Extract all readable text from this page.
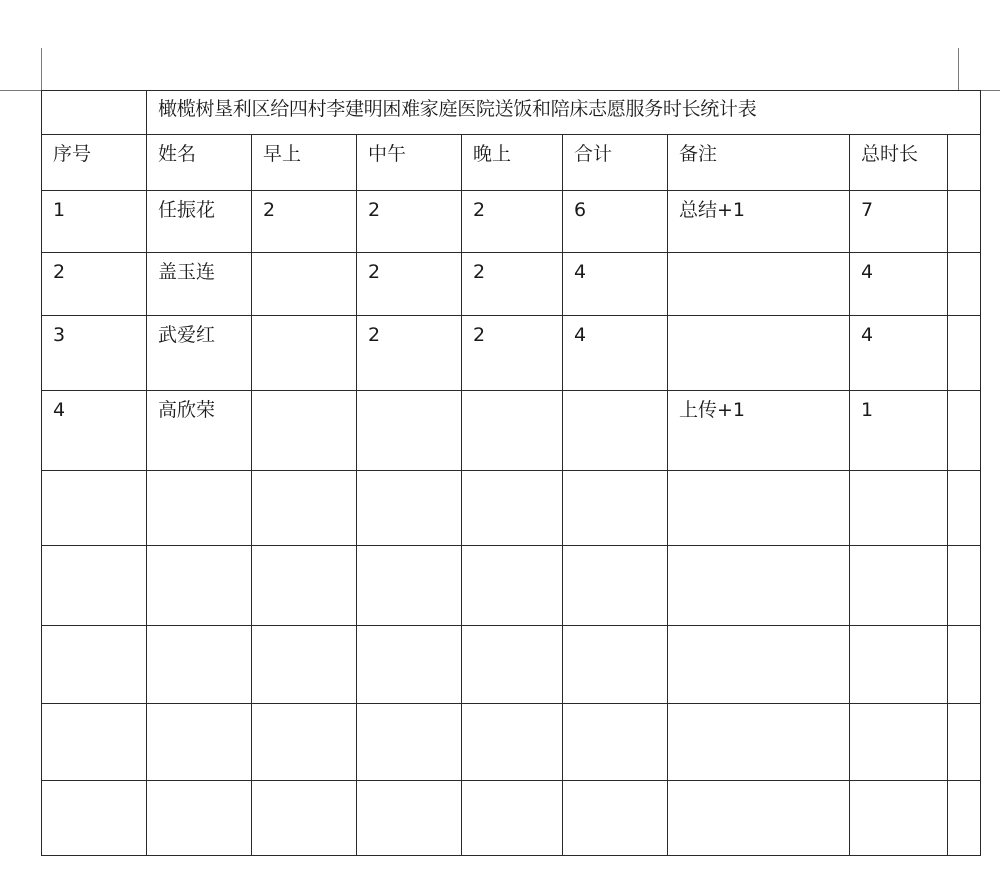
	橄榄树垦利区给四村李建明困难家庭医院送饭和陪床志愿服务时长统计表							

序号	姓名	早上	中午	晚上	合计	备注	总时长	

1	任振花	2	2	2	6	总结+1	7	

2	盖玉连		2	2	4		4	

3	武爱红		2	2	4		4	

4	高欣荣					上传+1	1	
